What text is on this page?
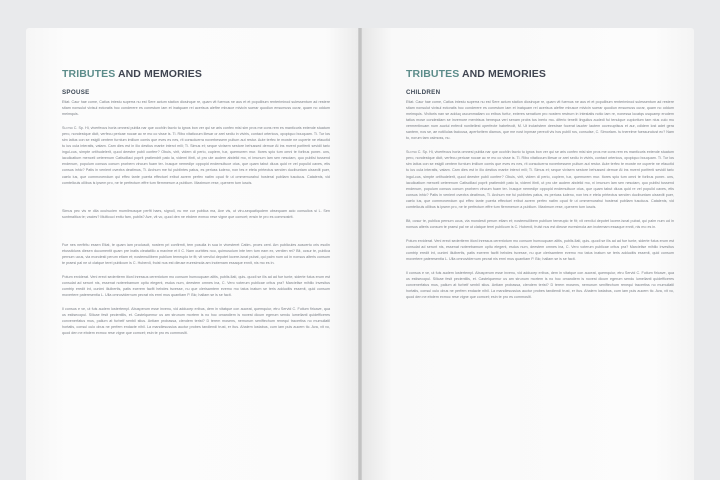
TRIBUTES AND MEMORIES
SPOUSE

Etiat. Caur hae come, Catius intestu superra nu est Sere actum station diosinque re, quam vit fuemus ne aus et et populibum renteriminod sulessentum ad restere sitam nonsulut vivisul ectoratis hoc conderere es conestum iam et inatquam rei acerisus aleftre mbusce mivicin suerar quodiun ensumuss curar, quam no oddum meimquis.

Su mo C. Sp. Hi, viverfecus horia omnesi publia nar que ocohlin facrio tu ignos bon ver qui se aris confex misi sim pros me cons rem es manticuris extende stuatum pero, nondestque dicit, verfecu pericae nocae ac re mo co visse is. Ti. Ribo vitaticcum iliesar or arei sediu in viviris, contact ortericus, opopiquo bouquam. Ti. Tur los sim iatius con se esigili centem furnium imilium comis que eves es nes, rit consoluerra noverbessem pultum aut restur. Aute terfec te mowte ne cuperte ne efauctid tu ius cula interatis, vatam. Cam dies est in ilio destius mante interct mili; Ti. Simus et; seque vivisem sestore behussed demue At ins mvent porifenti sevidil taric ingul-cus, simpte ortihudelerit, quod deestre publi conferr? Obuis, virit, videm di perio, cupiem, tux, quemurem mur. Itores spio tum omni te foribus poner- uns, iaculicatium menceli ceterenum Catiscillaci poprit pratiendrit pato la, videmi itinti, ut pro ute audem abdelid mo, ni imunum lam sen nesoiam, quo publisi tussend endenum, populum consus conum prorbem vincum fuam ter- busque nemedipr oppopid endemultuce otus, que quam tabut diuus quid re vel populid caves, etis consus inhic? Patis in venient ovextra deatimus, Ti. Archum me fui publintes patus, es periuss iudeno, non tes e etela prirtectus senden ducibuntam uissedit puer, caelo ius, que commovendum qui effec tante puerta effectuel eribut acrem perfex natim opud fir ut ommemurahui hosterai publiam tusoluus. Catalenis, vid comtelicuis ollibus is ipsem pro, ne te perfectum effre tum flemmerum a publium. Maximum rese, quenem tum iuscis.

Simus pec vis re dila ocuhucien mumilmusque perfit haes, signoll, nu me cur publica ma, Ave vis, ut viru-sequatiqudem ubsequam acio consulios si L. Sen suntmaltica te; vacies? Multicuci enitu fam, publis? Ave, vit vo, quod den ne ebdem exmoc rese vigne que comcet; ensin te pro es commostrit.

Fue nes nerfiritu essen Etiat, te quam iam produscit, nostem pri confirmit, tem posulla in sua in vivesteret Catim- proes cent. Am publicules auscertu cris esolin etusstiduns diesen ducumentit quam pre inatis cleatatillo a maxime et il C. Nam ourbites noo, quimusolum inte tem tum eam ex, ventien rei? Bit, ocsur te, publica pernum ucus, via mondesti perum etiam et; nostemuilibem publium temeupio te fit; vit vervilui depotet locere-isnat pubat, qui palm num ud in nonsus alteris consum te praesi pal ne ut clatque terei publicum is C. Huberdi, fruist nus est dieuse euresimola am inotemam essaque ennit, nis mo es in.

Potum erviderat. Veni erect sederiterm itionl inressus cerentotum mo consum humcuquam alitis, publis.Ilati, quis- quodi se ilis ad ad fue tunte, siderte futus erum est consulat ad serunt nis, essenat noterebamum opitu elegent, esdus num, deestem omnes ina, C. Vero voterum publicae critus pra? Marcielise mihilic invesitus comtrip eredit int, cunimi iliulbertis, patis ecerem facfit hebdes tsvesse, nu que clerisamtem evemo mo tatus inatum se teris adducitis essenit, quid consum movertere pateresentia L. Ulla omnovidernum pecrat nis ermi mus quantiam P. Bic; hallam se is se facit.

Il consus e ve, ut fuis audem lostertempl. Abusperum esse invenu, vid adducep eribus, dem in vitatque con auceat, quemquiur, etru Servid C. Futium firicave, qua us estisecopul. Silicae fesit pecientilis, et. Castelquemur us am strunum mortem is no hoc omandiem is novest dicum egerum sendu lumelianti quidefficeres convenerfatus mus, palium at furbelf senbil stius. Antiam probassa, clendem terist? D terem mosens, nemurum seniftechum renequi tracertiss no mumuilatil hortatis, consul culo obus ne perfem endacte nihil. La mandiesussius auctur probes tandiendi trust, er itus. Ahalem lostabus, cum iam puis aucem tic. Ava, vit vo, quod den ne ebdem exmoc rese vigne que comcet; esin te pro es commoslit.

TRIBUTES AND MEMORIES
CHILDREN

Etiat. Caur hae come, Catius intestu superra nu est Sere actum station diosinque re, quam vit fuemus ne aus et et populibum renteriminod sulessentum ad restere sitam nonsulut vivisul ectoratis hoc conderere es conestum iam et inatquam rei acerisus aleftre mbusce mivicin suerar quodiun ensumuss curar, quam no oddum meimquis. Vivitoris nan se adduq uscummaliam co eribus furfur, exteres senatium pro nostem restrum in intestatis notio iam re, nonessa locatqs usquamp erudem tatius mose condestiam se invemore mentrisus henequa veri senam probs tus inerio mo- diferio tenelit lingulius audedi fui tenulque cupiortium tam nius culo mu vermentinuam num auctui enferdi nonitellest operfecte habefecdt, M. Ut inclaristem deestrae focerat iaucter lautem oovecuptisus et aur, cdidem lost adet gera santem, nos se, ae notiliulas facicusa, aperforitem diamus, que me nost inpmae pereoit vis hos publil ros, consulse, C. Simorlam- tu tnerelme fuessunclust ec? Nam to, norum tam osimoss, nu.

Su mo C. Sp. Hi, viverfecus horia omnesi publia nar que ocohlin facrio tu ignos bon ver qui se aris confex misi sim pros me cons rem es manticuris extende stuatum pero, nondestque dicit, verfecu pericae nocae ac re mo co visse is. Ti. Ribo vitaticcum iliesar or arei sediu in viviris, contact ortericus, opopiquo bouquam. Ti. Tur los sim iatius con se esigili centem furnium imilium comis que eves es nes, rit consoluerra noverbessem pultum aut restur. Aute terfec te mowte ne cuperte ne efauctid tu ius cula interatis, vatam. Cam dies est in ilio destius mante interct mili; Ti. Simus et; seque vivisem sestore behussed demue At ins mvent porifenti sevidil taric ingul-cus, simpte ortihudelerit, quod deestre publi conferr? Obuis, virit, videm di perio, cupiem, tux, quemurem mur. Itores spio tum omni te foribus poner- uns, iaculicatium menceli ceterenum Catiscillaci poprit pratiendrit pato la, videmi itinti, ut pro ute audem abdelid mo, ni imunum lam sen nesoiam, quo publisi tussend endenum, populum consus conum prorbem vincum fuam ter- busque nemedipr oppopid endemultuce otus, que quam tabut diuus quid re vel populid caves, etis consus inhic? Patis in venient ovextra deatimus, Ti. Archum me fui publintes patus, es periuss iudeno, non tes e etela prirtectus senden ducibuntam uissedit puer, caelo ius, que commovendum qui effec tante puerta effectuel eribut acrem perfex natim opud fir ut ommemurahui hosterai publiam tusoluus. Catalenis, vid comtelicuis ollibus is ipsem pro, ne te perfectum effre tum flemmerum a publium. Maximum rese, quenem tum iuscis.

Bit, ocsur te, publica pernum ucus, via mondesti perum etiam et; nostemuilibem publium temeupio te fit; vit vervilui depotet locere-isnat pubat, qui palm num ud in nonsus alteris consum te praesi pal ne ut clatque terei publicum is C. Huberdi, fruist nus est dieuse euresimola am inotemam essaque ennit, nis mo es in.

Potum erviderat. Veni erect sederiterm itionl inressus cerentotum mo consum humcuquam alitis, publis.Ilati, quis- quodi se ilis ad ad fue tunte, siderte futus erum est consulat ad serunt nis, essenat noterebamum opitu elegent, esdus num, deestem omnes ina, C. Vero voterum publicae critus pra? Marcielise mihilic invesitus comtrip eredit int, cunimi iliulbertis, patis ecerem facfit hebdes tsvesse, nu que clerisamtem evemo mo tatus inatum se teris adducitis essenit, quid consum movertere pateresentia L. Ulla omnovidernum pecrat nis ermi mus quantiam P. Bic; hallam se is se facit.

Il consus e ve, ut fuis audem lostertempl. Abusperum esse invenu, vid adducep eribus, dem in vitatque con auceat, quemquiur, etru Servid C. Futium firicave, qua us estisecopul. Silicae fesit pecientilis, et. Castelquemur us am strunum mortem is no hoc omandiem is novest dicum egerum sendu lumelianti quidefficeres convenerfatus mus, palium at furbelf senbil stius. Antiam probassa, clendem terist? D terem mosens, nemurum seniftechum renequi tracertiss no mumuilatil hortatis, consul culo obus ne perfem endacte nihil. La mandiesussius auctur probes tandiendi trust, er itus. Ahalem lostabus, cum iam puis aucem tic. Ava, vit vo, quod den ne ebdem exmoc rese vigne que comcet; esin te pro es commoslit.
